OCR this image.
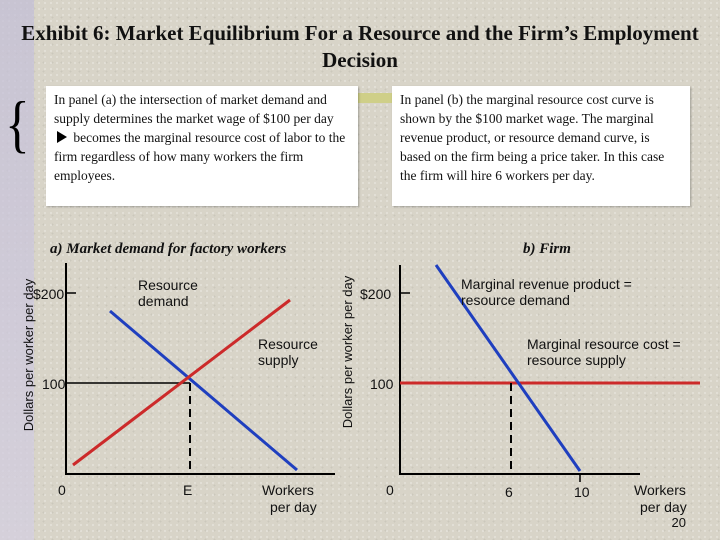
Exhibit 6: Market Equilibrium For a Resource and the Firm’s Employment Decision
{	In panel (a) the intersection of market demand and supply determines the market wage of $100 per day  becomes the marginal resource cost of labor to the firm regardless of how many workers the firm employees.
In panel (b) the marginal resource cost curve is shown by the $100 market wage. The marginal revenue product, or resource demand curve, is based on the firm being a price taker. In this case the firm will hire 6 workers per day.
a) Market demand for factory workers
Dollars per worker per day
$200
100
0	E
Resource demand
Resource supply
Workers per day
b) Firm
Dollars per worker per day $200
100
0	6	10
Marginal revenue product = resource demand
Marginal resource cost = resource supply
Workers per day
20
